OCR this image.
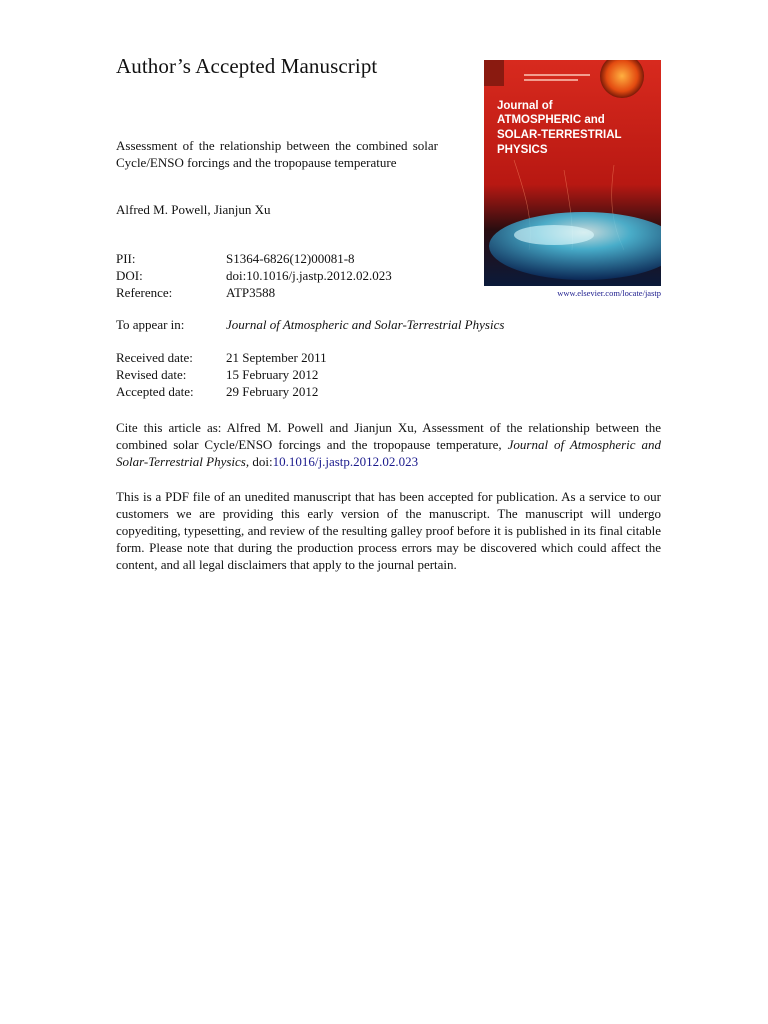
Author’s Accepted Manuscript
Assessment of the relationship between the combined solar Cycle/ENSO forcings and the tropopause temperature
Alfred M. Powell, Jianjun Xu
PII:	S1364-6826(12)00081-8
DOI:	doi:10.1016/j.jastp.2012.02.023
Reference:	ATP3588
To appear in:	Journal of Atmospheric and Solar-Terrestrial Physics
Received date:	21 September 2011
Revised date:	15 February 2012
Accepted date: 29 February 2012
Cite this article as: Alfred M. Powell and Jianjun Xu, Assessment of the relationship between the combined solar Cycle/ENSO forcings and the tropopause temperature, Journal of Atmospheric and Solar-Terrestrial Physics, doi:10.1016/j.jastp.2012.02.023
This is a PDF file of an unedited manuscript that has been accepted for publication. As a service to our customers we are providing this early version of the manuscript. The manuscript will undergo copyediting, typesetting, and review of the resulting galley proof before it is published in its final citable form. Please note that during the production process errors may be discovered which could affect the content, and all legal disclaimers that apply to the journal pertain.
Journal of
ATMOSPHERIC and
SOLAR-TERRESTRIAL
PHYSICS
www.elsevier.com/locate/jastp
